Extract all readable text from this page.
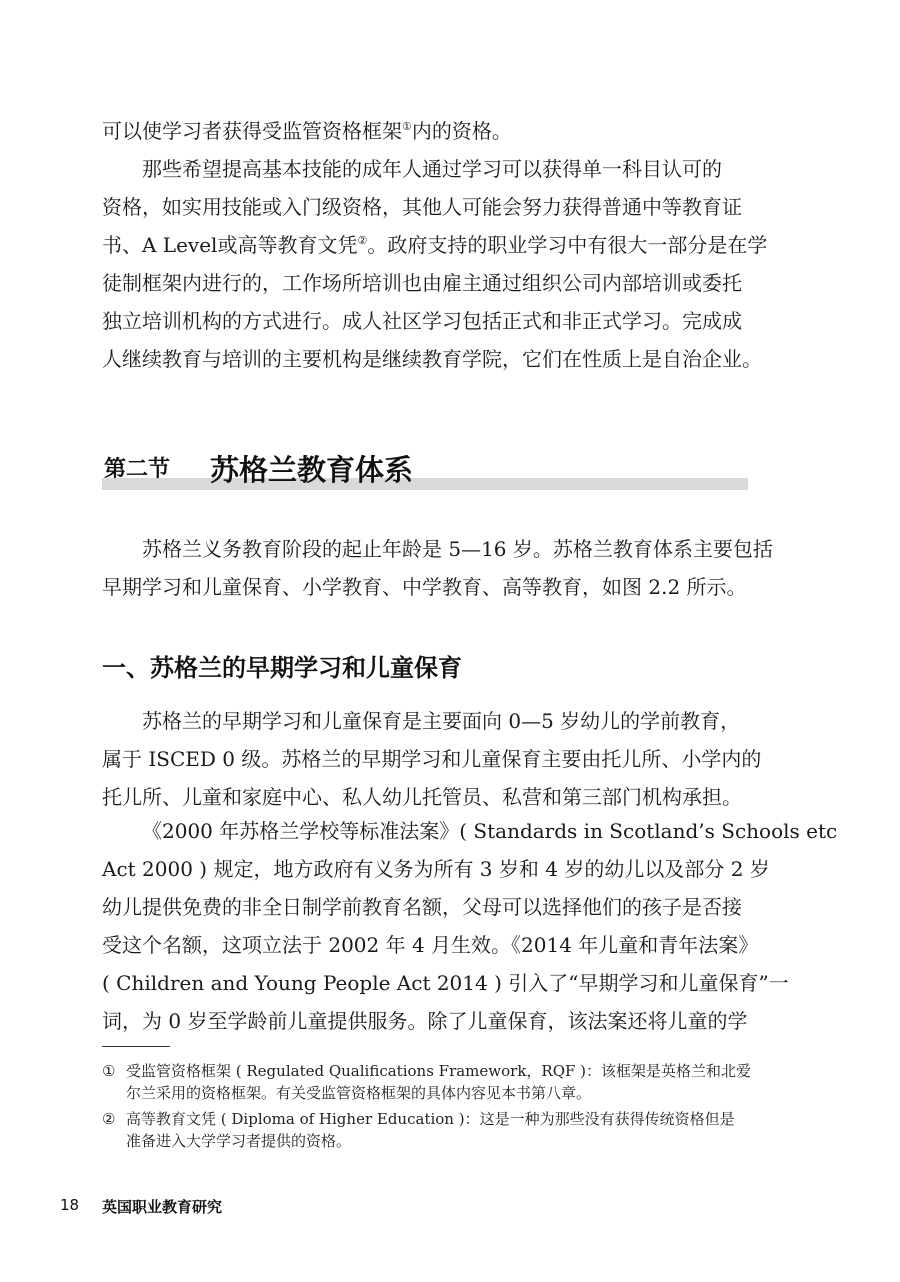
可以使学习者获得受监管资格框架①内的资格。

那些希望提高基本技能的成年人通过学习可以获得单一科目认可的
资格，如实用技能或入门级资格，其他人可能会努力获得普通中等教育证
书、A Level或高等教育文凭②。政府支持的职业学习中有很大一部分是在学
徒制框架内进行的，工作场所培训也由雇主通过组织公司内部培训或委托
独立培训机构的方式进行。成人社区学习包括正式和非正式学习。完成成
人继续教育与培训的主要机构是继续教育学院，它们在性质上是自治企业。

第二节 苏格兰教育体系

苏格兰义务教育阶段的起止年龄是 5—16 岁。苏格兰教育体系主要包括
早期学习和儿童保育、小学教育、中学教育、高等教育，如图 2.2 所示。

一、苏格兰的早期学习和儿童保育

苏格兰的早期学习和儿童保育是主要面向 0—5 岁幼儿的学前教育，
属于 ISCED 0 级。苏格兰的早期学习和儿童保育主要由托儿所、小学内的
托儿所、儿童和家庭中心、私人幼儿托管员、私营和第三部门机构承担。

《2000 年苏格兰学校等标准法案》( Standards in Scotland’s Schools etc
Act 2000 ) 规定，地方政府有义务为所有 3 岁和 4 岁的幼儿以及部分 2 岁
幼儿提供免费的非全日制学前教育名额，父母可以选择他们的孩子是否接
受这个名额，这项立法于 2002 年 4 月生效。《2014 年儿童和青年法案》
( Children and Young People Act 2014 ) 引入了“早期学习和儿童保育”一
词，为 0 岁至学龄前儿童提供服务。除了儿童保育，该法案还将儿童的学

① 受监管资格框架 ( Regulated Qualifications Framework，RQF )：该框架是英格兰和北爱
尔兰采用的资格框架。有关受监管资格框架的具体内容见本书第八章。
② 高等教育文凭 ( Diploma of Higher Education )：这是一种为那些没有获得传统资格但是
准备进入大学学习者提供的资格。
18 英国职业教育研究
